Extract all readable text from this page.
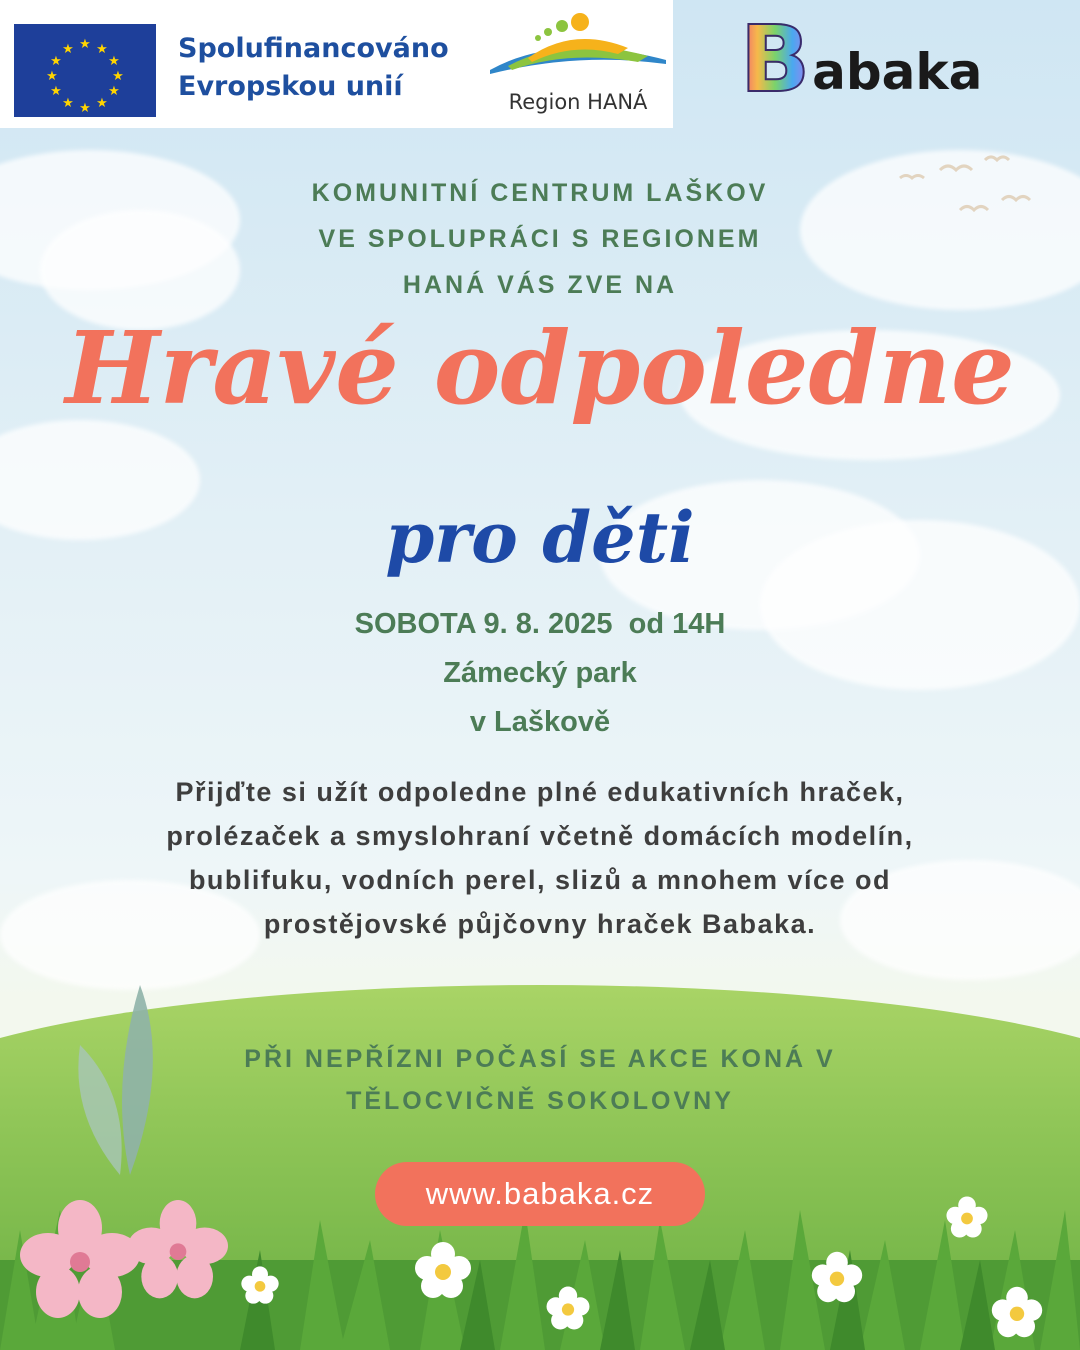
★ ★
★
★
★
★
★
★
★
★
★
★	Spolufinancováno
Evropskou unií	Region HANÁ B abaka
KOMUNITNÍ CENTRUM LAŠKOV
VE SPOLUPRÁCI S REGIONEM
HANÁ VÁS ZVE NA
Hravé odpoledne
pro děti
SOBOTA 9. 8. 2025  od 14H
Zámecký park
v Laškově
Přijďte si užít odpoledne plné edukativních hraček,
prolézaček a smyslohraní včetně domácích modelín,
bublifuku, vodních perel, slizů a mnohem více od
prostějovské půjčovny hraček Babaka.
PŘI NEPŘÍZNI POČASÍ SE AKCE KONÁ V
TĚLOCVIČNĚ SOKOLOVNY
www.babaka.cz
